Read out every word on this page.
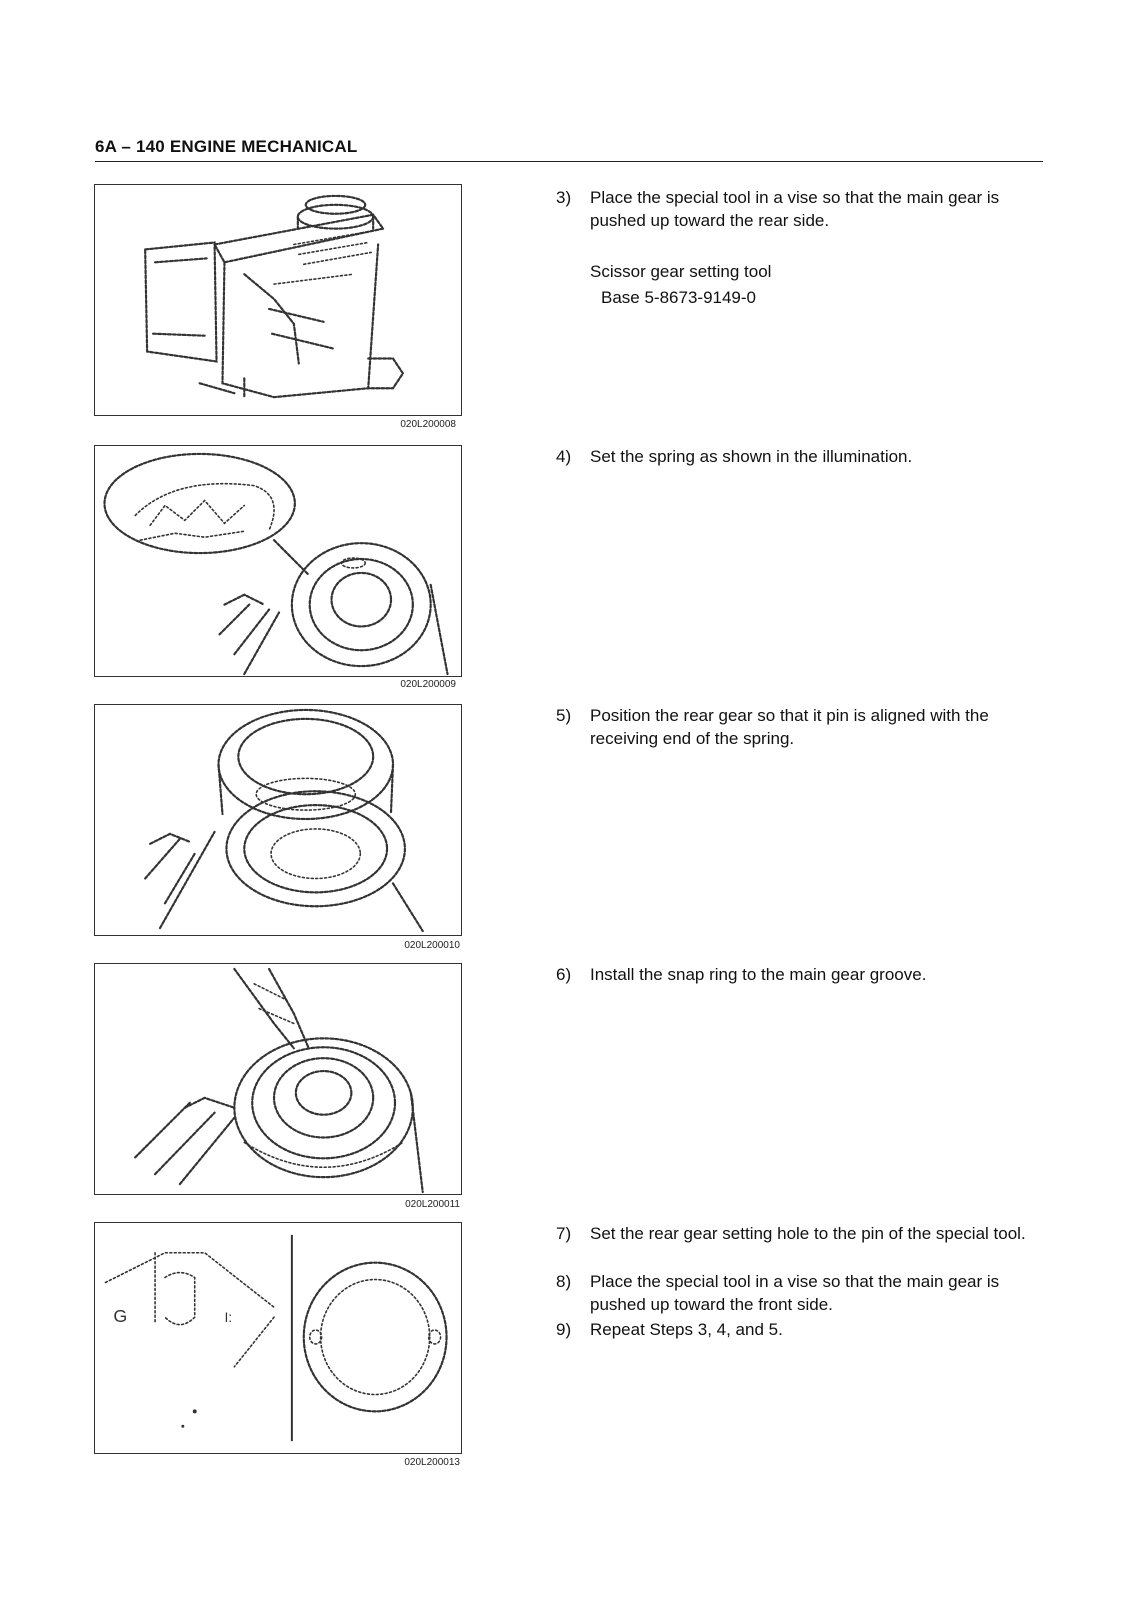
6A – 140 ENGINE MECHANICAL
020L200008
020L200009
020L200010
020L200011
G	I:
020L200013
3) Place the special tool in a vise so that the main gear is pushed up toward the rear side.
Scissor gear setting tool
Base 5-8673-9149-0
4) Set the spring as shown in the illumination.
5) Position the rear gear so that it pin is aligned with the receiving end of the spring.
6) Install the snap ring to the main gear groove.
7) Set the rear gear setting hole to the pin of the special tool.
8) Place the special tool in a vise so that the main gear is pushed up toward the front side.
9) Repeat Steps 3, 4, and 5.
